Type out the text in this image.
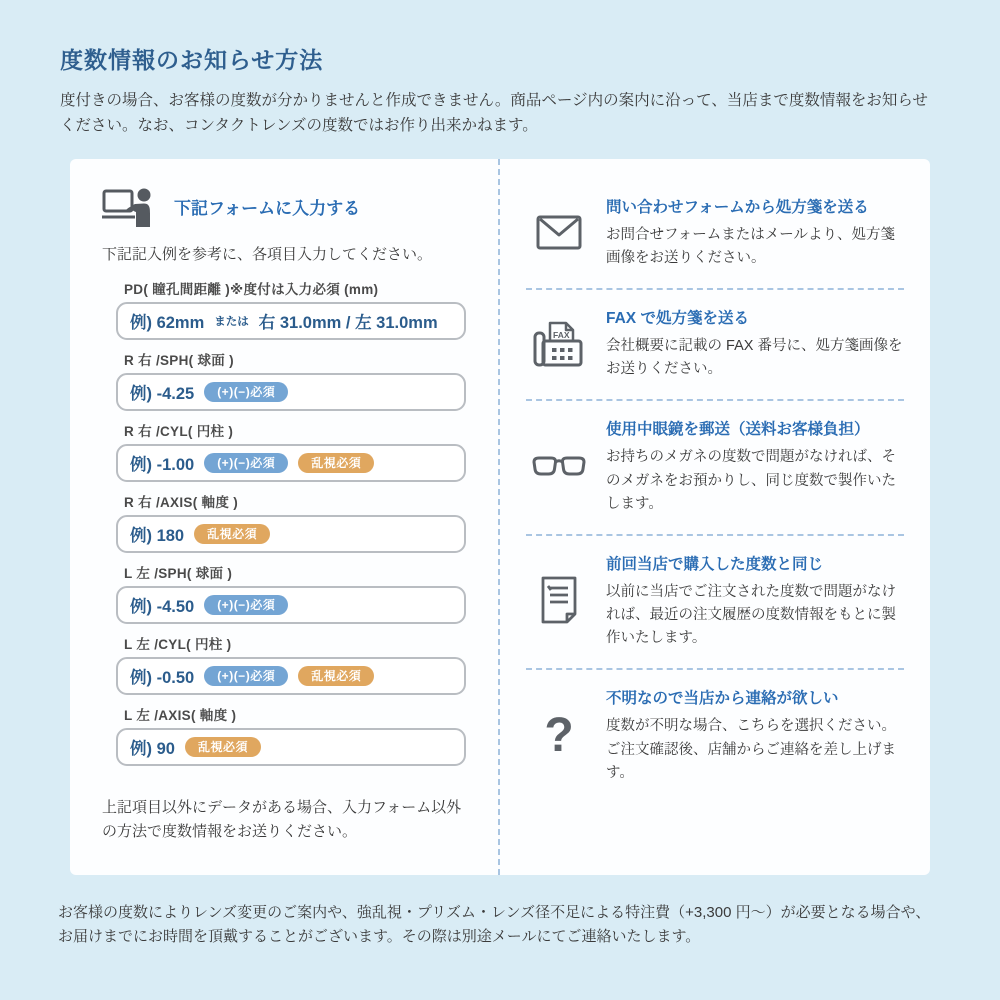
度数情報のお知らせ方法

度付きの場合、お客様の度数が分かりませんと作成できません。商品ページ内の案内に沿って、当店まで度数情報をお知らせください。なお、コンタクトレンズの度数ではお作り出来かねます。

下記フォームに入力する

下記記入例を参考に、各項目入力してください。

PD( 瞳孔間距離 )※度付は入力必須 (mm)
例) 62mm または 右 31.0mm / 左 31.0mm
R 右 /SPH( 球面 )
例) -4.25	(+)(−)必須
R 右 /CYL( 円柱 )
例) -1.00	(+)(−)必須	乱視必須
R 右 /AXIS( 軸度 )
例) 180	乱視必須
L 左 /SPH( 球面 )
例) -4.50	(+)(−)必須
L 左 /CYL( 円柱 )
例) -0.50	(+)(−)必須	乱視必須
L 左 /AXIS( 軸度 )
例) 90	乱視必須

上記項目以外にデータがある場合、入力フォーム以外の方法で度数情報をお送りください。

問い合わせフォームから処方箋を送る

お問合せフォームまたはメールより、処方箋画像をお送りください。

FAX
FAX で処方箋を送る

会社概要に記載の FAX 番号に、処方箋画像をお送りください。

使用中眼鏡を郵送（送料お客様負担）

お持ちのメガネの度数で問題がなければ、そのメガネをお預かりし、同じ度数で製作いたします。

前回当店で購入した度数と同じ

以前に当店でご注文された度数で問題がなければ、最近の注文履歴の度数情報をもとに製作いたします。

?
不明なので当店から連絡が欲しい

度数が不明な場合、こちらを選択ください。ご注文確認後、店舗からご連絡を差し上げます。

お客様の度数によりレンズ変更のご案内や、強乱視・プリズム・レンズ径不足による特注費（+3,300 円〜）が必要となる場合や、お届けまでにお時間を頂戴することがございます。その際は別途メールにてご連絡いたします。
